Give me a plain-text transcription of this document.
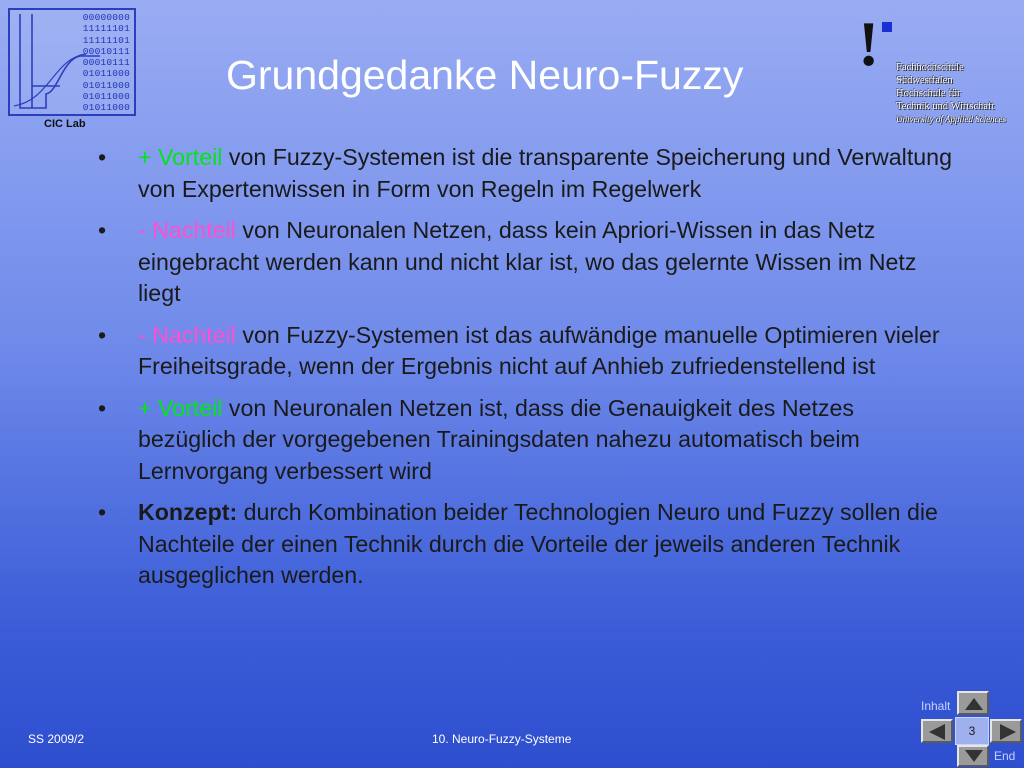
00000000
11111101
11111101
00010111
00010111
01011000
01011000
01011000
01011000
CIC Lab
Grundgedanke Neuro-Fuzzy ! Fachhochschule
Südwestfalen
Hochschule für
Technik und Wirtschaft
University of Applied Sciences
• + Vorteil von Fuzzy-Systemen ist die transparente Speicherung und Verwaltung von Expertenwissen in Form von Regeln im Regelwerk
• - Nachteil von Neuronalen Netzen, dass kein Apriori-Wissen in das Netz eingebracht werden kann und nicht klar ist, wo das gelernte Wissen im Netz liegt
• - Nachteil von Fuzzy-Systemen ist das aufwändige manuelle Optimieren vieler Freiheitsgrade, wenn der Ergebnis nicht auf Anhieb zufriedenstellend ist
• + Vorteil von Neuronalen Netzen ist, dass die Genauigkeit des Netzes bezüglich der vorgegebenen Trainingsdaten nahezu automatisch beim Lernvorgang verbessert wird
• Konzept: durch Kombination beider Technologien Neuro und Fuzzy sollen die Nachteile der einen Technik durch die Vorteile der jeweils anderen Technik ausgeglichen werden.
SS 2009/2	10. Neuro-Fuzzy-Systeme
Inhalt
3
End
